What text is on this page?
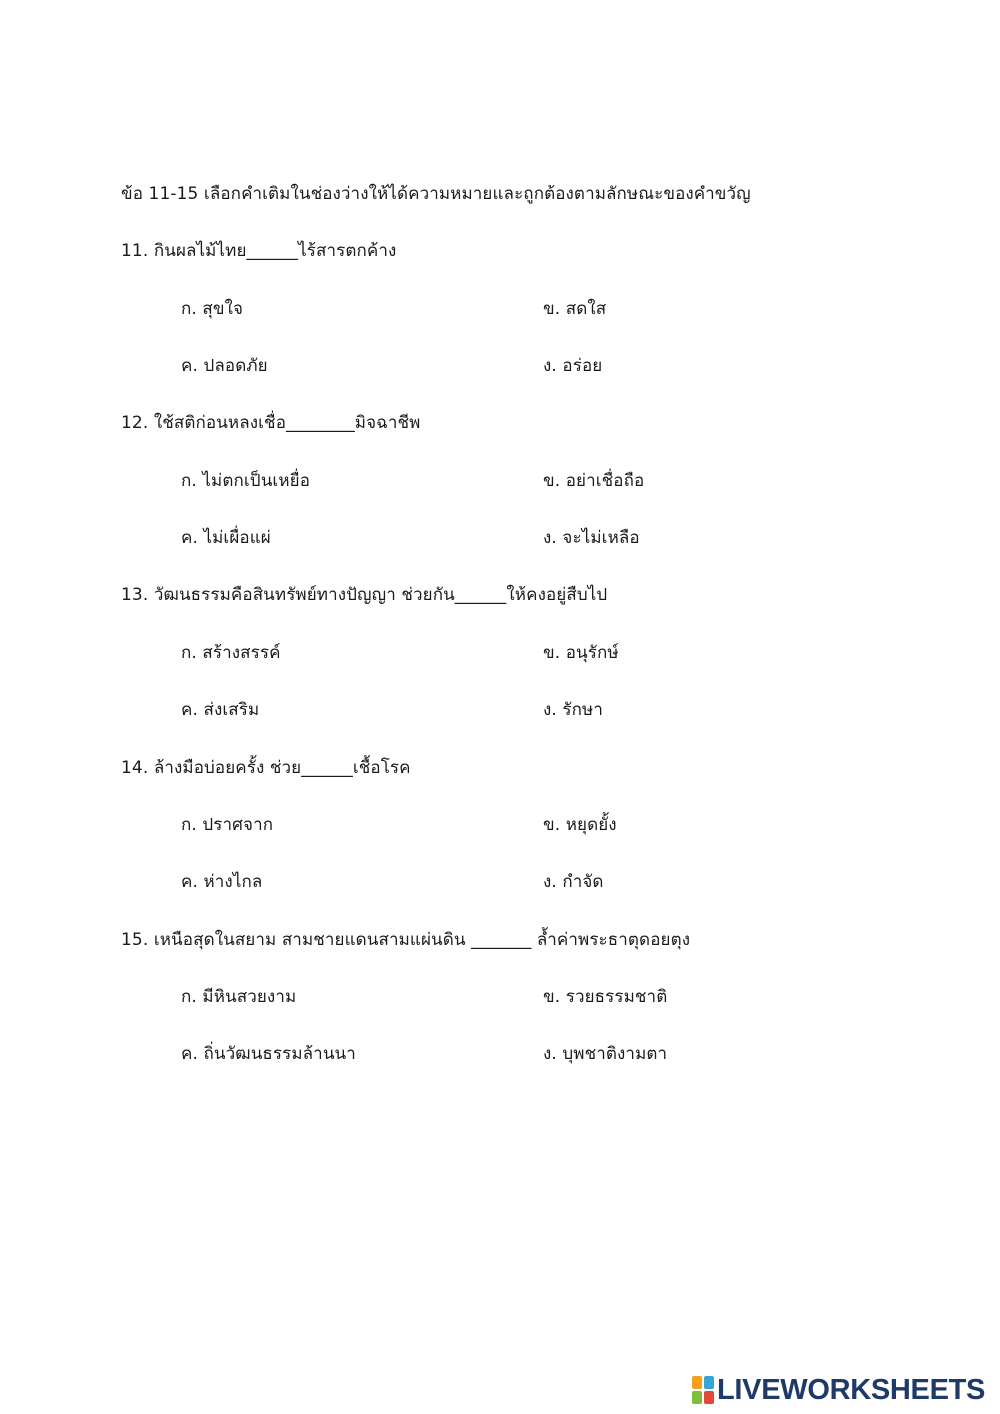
ข้อ 11-15 เลือกคำเติมในช่องว่างให้ได้ความหมายและถูกต้องตามลักษณะของคำขวัญ
11. กินผลไม้ไทย______ไร้สารตกค้าง
ก. สุขใจ	ข. สดใส
ค. ปลอดภัย	ง. อร่อย
12. ใช้สติก่อนหลงเชื่อ________มิจฉาชีพ
ก. ไม่ตกเป็นเหยื่อ	ข. อย่าเชื่อถือ
ค. ไม่เผื่อแผ่	ง. จะไม่เหลือ
13. วัฒนธรรมคือสินทรัพย์ทางปัญญา ช่วยกัน______ให้คงอยู่สืบไป
ก. สร้างสรรค์	ข. อนุรักษ์
ค. ส่งเสริม	ง. รักษา
14. ล้างมือบ่อยครั้ง ช่วย______เชื้อโรค
ก. ปราศจาก	ข. หยุดยั้ง
ค. ห่างไกล	ง. กำจัด
15. เหนือสุดในสยาม สามชายแดนสามแผ่นดิน _______ ล้ำค่าพระธาตุดอยตุง
ก. มีหินสวยงาม	ข. รวยธรรมชาติ
ค. ถิ่นวัฒนธรรมล้านนา	ง. บุพชาติงามตา
LIVEWORKSHEETS
